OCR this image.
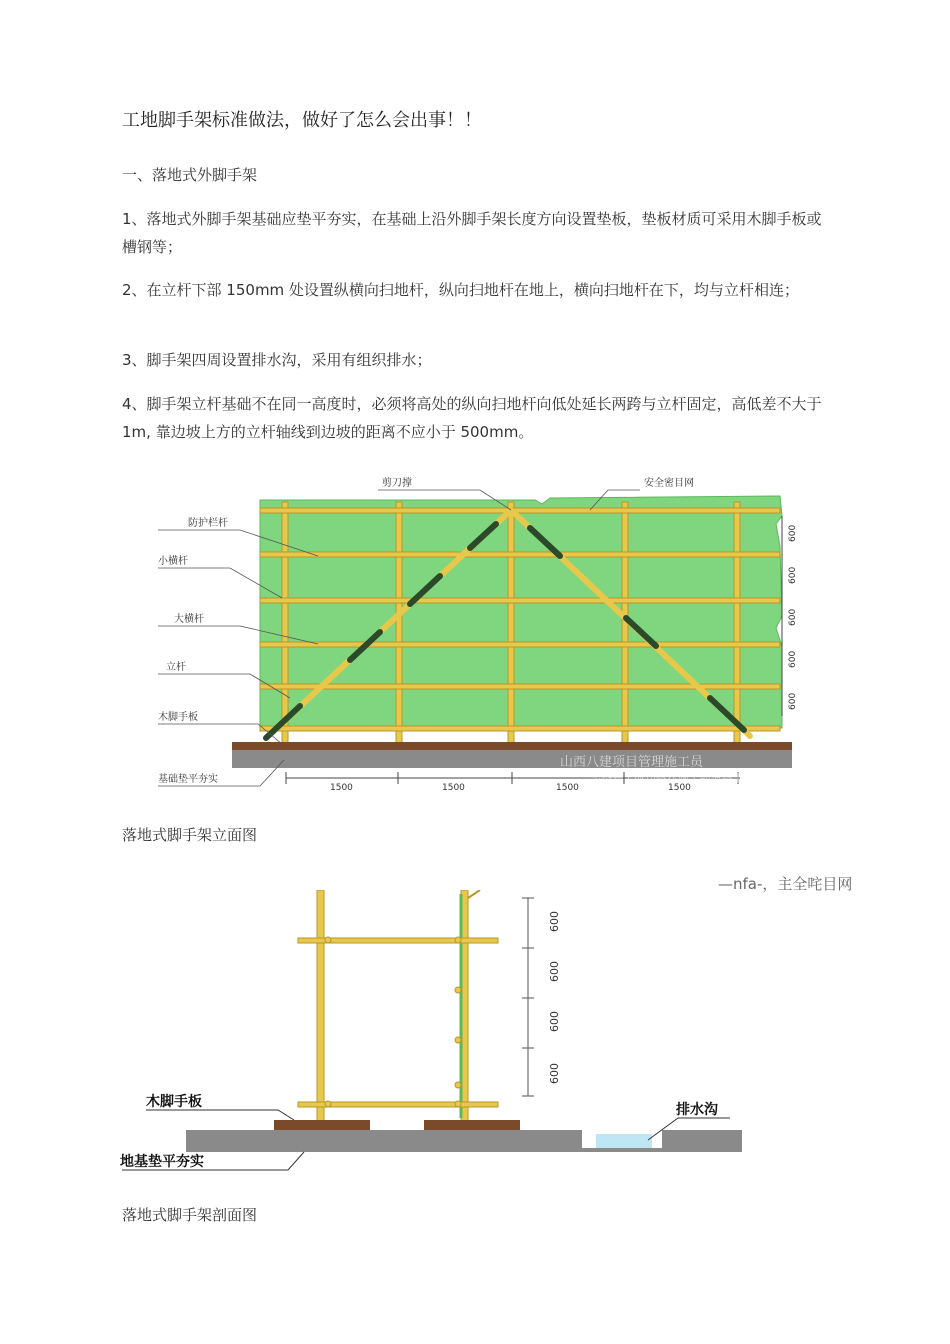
工地脚手架标准做法，做好了怎么会出事！！
一、落地式外脚手架
1、落地式外脚手架基础应垫平夯实，在基础上沿外脚手架长度方向设置垫板，垫板材质可采用木脚手板或槽钢等；
2、在立杆下部 150mm 处设置纵横向扫地杆，纵向扫地杆在地上，横向扫地杆在下，均与立杆相连；
3、脚手架四周设置排水沟，采用有组织排水；
4、脚手架立杆基础不在同一高度时，必须将高处的纵向扫地杆向低处延长两跨与立杆固定，高低差不大于 1m, 靠边坡上方的立杆轴线到边坡的距离不应小于 500mm。
1500	1500	1500	1500
600
600
600
600
600
剪刀撑	安全密目网
防护栏杆
小横杆
大横杆
立杆
木脚手板
基础垫平夯实
山西八建项目管理施工员
头条号 / 成功路在施工的道路上
落地式脚手架立面图
—nfa-，主全咤目网
600
600
600
600
木脚手板	排水沟
地基垫平夯实	头条号 / 成功路在施工的道路上
落地式脚手架剖面图
